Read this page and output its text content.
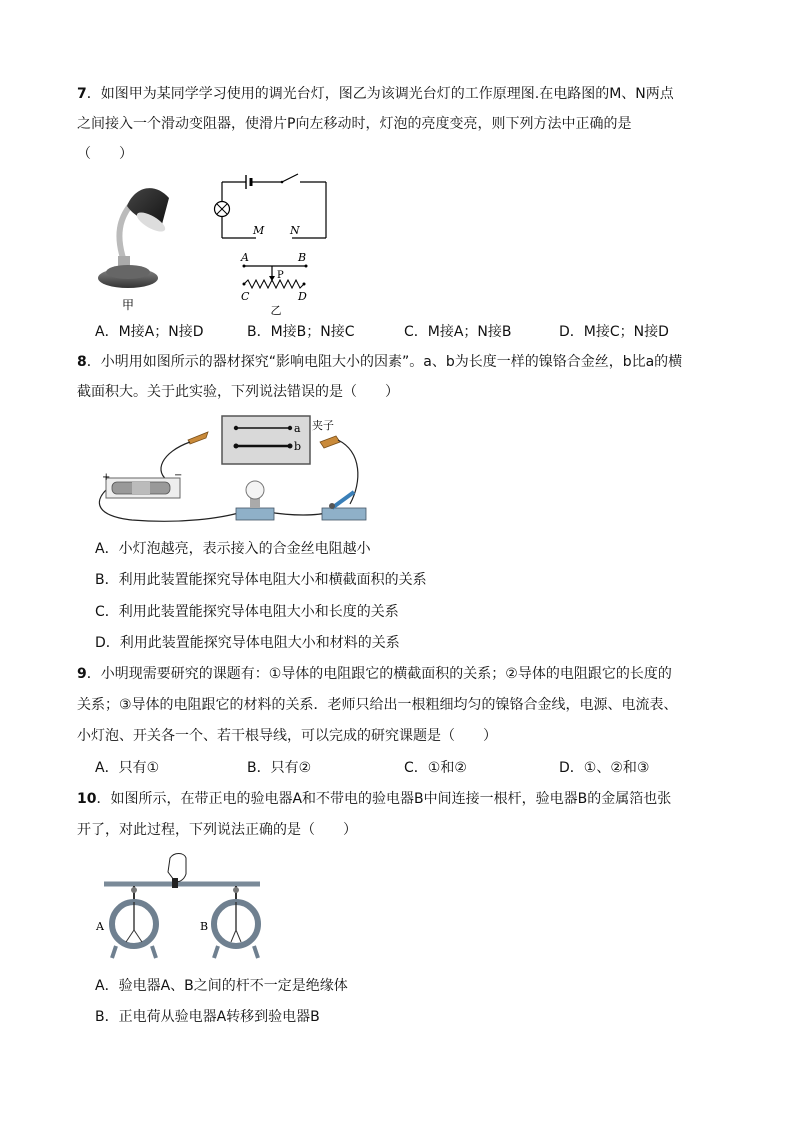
7．如图甲为某同学学习使用的调光台灯，图乙为该调光台灯的工作原理图.在电路图的M、N两点
之间接入一个滑动变阻器，使滑片P向左移动时，灯泡的亮度变亮，则下列方法中正确的是
（　　）
甲
M N
A	B
P
C	D
乙
A．M接A；N接D	B．M接B；N接C	C．M接A；N接B	D．M接C；N接D
8．小明用如图所示的器材探究“影响电阻大小的因素”。a、b为长度一样的镍铬合金丝，b比a的横
截面积大。关于此实验，下列说法错误的是（　　）
a
b
夹子
+	−
A．小灯泡越亮，表示接入的合金丝电阻越小
B．利用此装置能探究导体电阻大小和横截面积的关系
C．利用此装置能探究导体电阻大小和长度的关系
D．利用此装置能探究导体电阻大小和材料的关系
9．小明现需要研究的课题有：①导体的电阻跟它的横截面积的关系；②导体的电阻跟它的长度的
关系；③导体的电阻跟它的材料的关系．老师只给出一根粗细均匀的镍铬合金线，电源、电流表、
小灯泡、开关各一个、若干根导线，可以完成的研究课题是（　　）
A．只有①	B．只有②	C．①和②	D．①、②和③
10．如图所示，在带正电的验电器A和不带电的验电器B中间连接一根杆，验电器B的金属箔也张
开了，对此过程，下列说法正确的是（　　）
A	B
A．验电器A、B之间的杆不一定是绝缘体
B．正电荷从验电器A转移到验电器B
